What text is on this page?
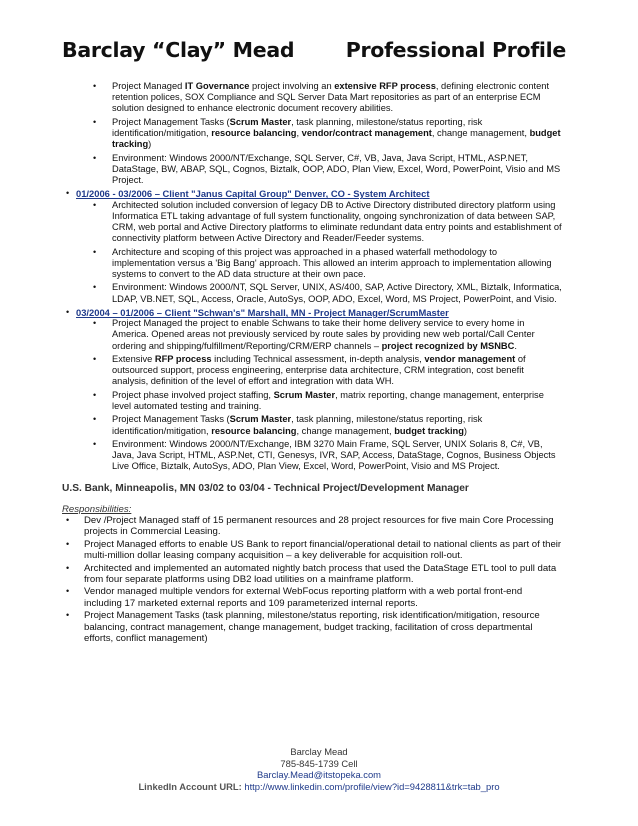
Barclay “Clay” Mead	Professional Profile
• Project Managed IT Governance project involving an extensive RFP process, defining electronic content retention polices, SOX Compliance and SQL Server Data Mart repositories as part of an enterprise ECM solution designed to enhance electronic document recovery abilities.
• Project Management Tasks (Scrum Master, task planning, milestone/status reporting, risk identification/mitigation, resource balancing, vendor/contract management, change management, budget tracking)
• Environment: Windows 2000/NT/Exchange, SQL Server, C#, VB, Java, Java Script, HTML, ASP.NET, DataStage, BW, ABAP, SQL, Cognos, Biztalk, OOP, ADO, Plan View, Excel, Word, PowerPoint, Visio and MS Project.
• 01/2006 - 03/2006 – Client "Janus Capital Group" Denver, CO - System Architect
• Architected solution included conversion of legacy DB to Active Directory distributed directory platform using Informatica ETL taking advantage of full system functionality, ongoing synchronization of data between SAP, CRM, web portal and Active Directory platforms to eliminate redundant data entry points and establishment of connectivity platform between Active Directory and Reader/Feeder systems.
• Architecture and scoping of this project was approached in a phased waterfall methodology to implementation versus a 'Big Bang' approach. This allowed an interim approach to implementation allowing systems to convert to the AD data structure at their own pace.
• Environment: Windows 2000/NT, SQL Server, UNIX, AS/400, SAP, Active Directory, XML, Biztalk, Informatica, LDAP, VB.NET, SQL, Access, Oracle, AutoSys, OOP, ADO, Excel, Word, MS Project, PowerPoint, and Visio.
• 03/2004 – 01/2006 – Client "Schwan's" Marshall, MN - Project Manager/ScrumMaster
• Project Managed the project to enable Schwans to take their home delivery service to every home in America. Opened areas not previously serviced by route sales by providing new web portal/Call Center ordering and shipping/fulfillment/Reporting/CRM/ERP channels – project recognized by MSNBC.
• Extensive RFP process including Technical assessment, in-depth analysis, vendor management of outsourced support, process engineering, enterprise data architecture, CRM integration, cost benefit analysis, definition of the level of effort and integration with data WH.
• Project phase involved project staffing, Scrum Master, matrix reporting, change management, enterprise level automated testing and training.
• Project Management Tasks (Scrum Master, task planning, milestone/status reporting, risk identification/mitigation, resource balancing, change management, budget tracking)
• Environment: Windows 2000/NT/Exchange, IBM 3270 Main Frame, SQL Server, UNIX Solaris 8, C#, VB, Java, Java Script, HTML, ASP.Net, CTI, Genesys, IVR, SAP, Access, DataStage, Cognos, Business Objects Live Office, Biztalk, AutoSys, ADO, Plan View, Excel, Word, PowerPoint, Visio and MS Project.
U.S. Bank, Minneapolis, MN 03/02 to 03/04 - Technical Project/Development Manager
Responsibilities:
• Dev /Project Managed staff of 15 permanent resources and 28 project resources for five main Core Processing projects in Commercial Leasing.
• Project Managed efforts to enable US Bank to report financial/operational detail to national clients as part of their multi-million dollar leasing company acquisition – a key deliverable for acquisition roll-out.
• Architected and implemented an automated nightly batch process that used the DataStage ETL tool to pull data from four separate platforms using DB2 load utilities on a mainframe platform.
• Vendor managed multiple vendors for external WebFocus reporting platform with a web portal front-end including 17 marketed external reports and 109 parameterized internal reports.
• Project Management Tasks (task planning, milestone/status reporting, risk identification/mitigation, resource balancing, contract management, change management, budget tracking, facilitation of cross departmental efforts, conflict management)
Barclay Mead
785-845-1739 Cell
Barclay.Mead@itstopeka.com
LinkedIn Account URL: http://www.linkedin.com/profile/view?id=9428811&trk=tab_pro
